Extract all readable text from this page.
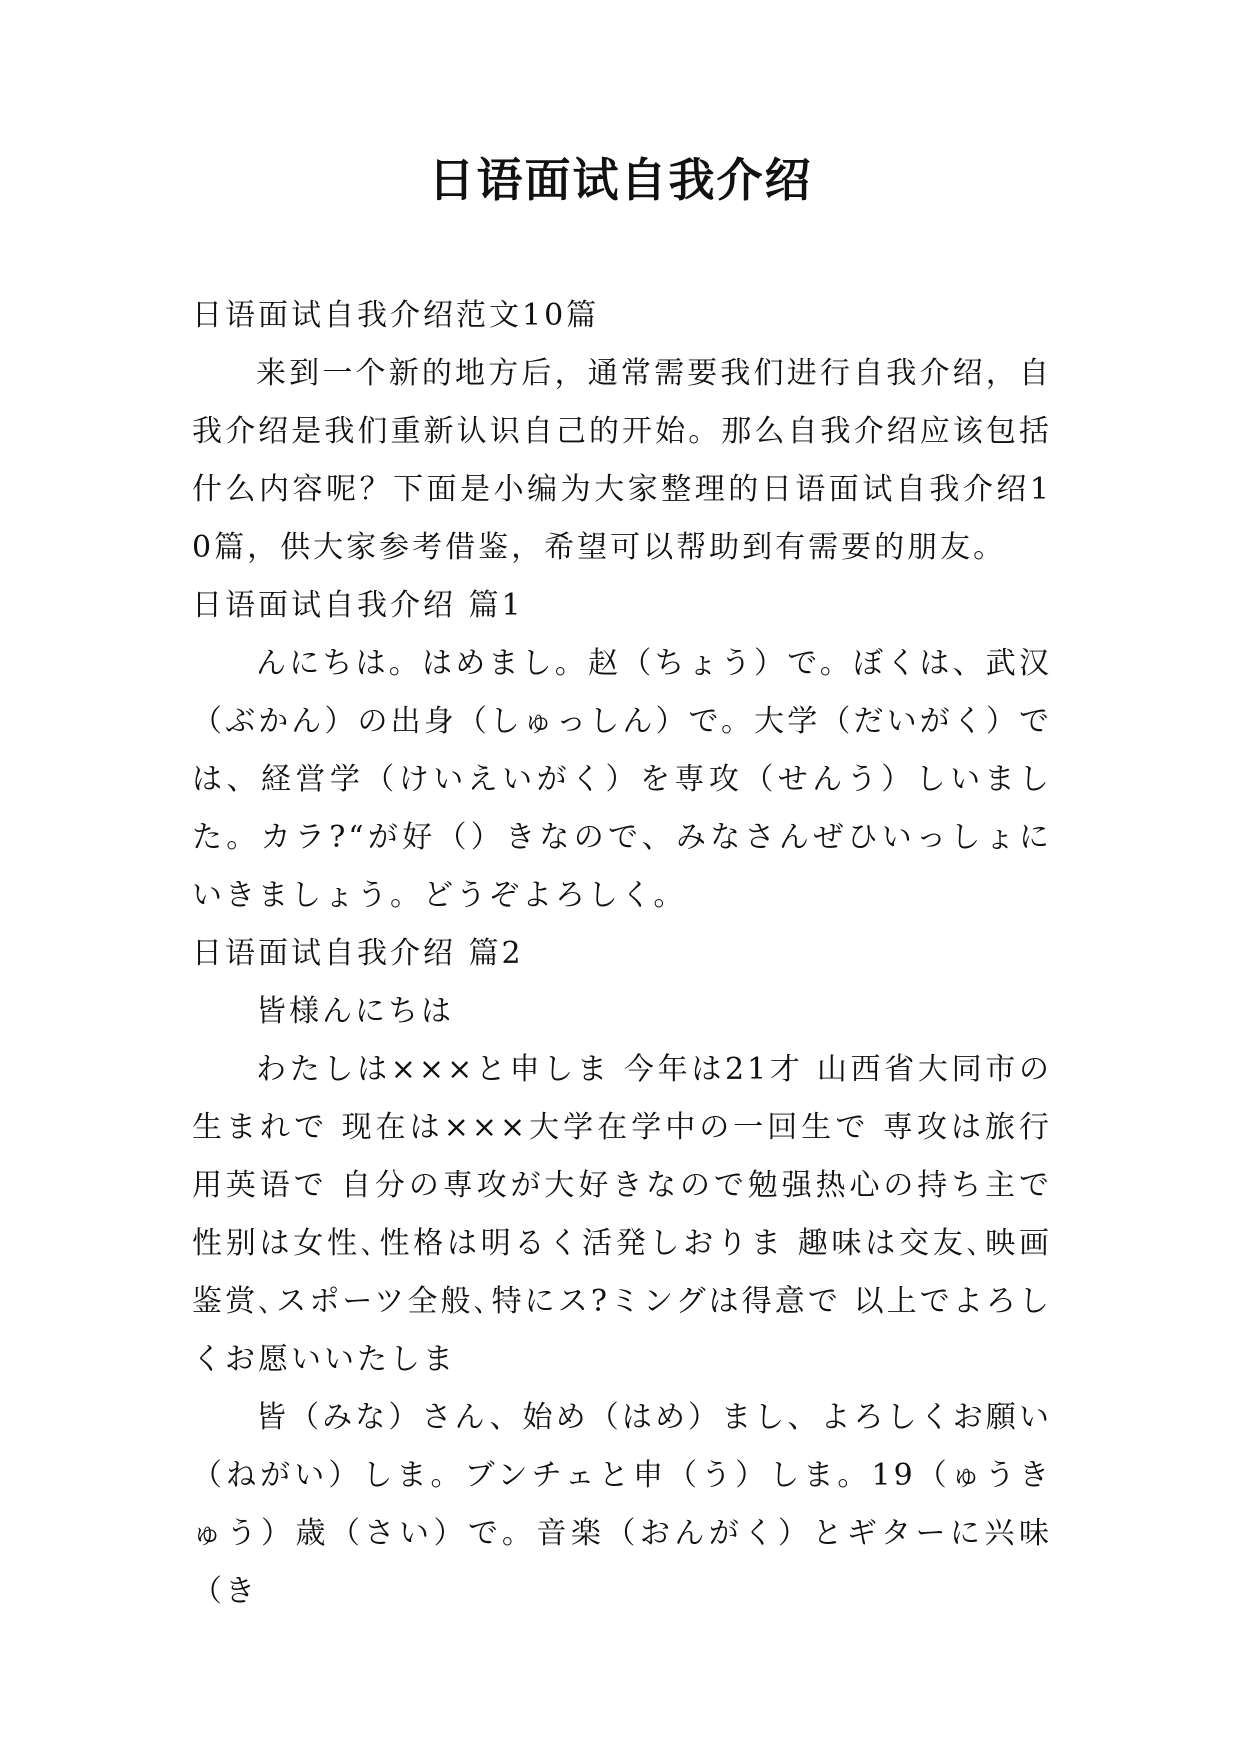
日语面试自我介绍

日语面试自我介绍范文10篇

来到一个新的地方后，通常需要我们进行自我介绍，自我介绍是我们重新认识自己的开始。那么自我介绍应该包括什么内容呢？下面是小编为大家整理的日语面试自我介绍10篇，供大家参考借鉴，希望可以帮助到有需要的朋友。

日语面试自我介绍 篇1

んにちは。はめまし。赵（ちょう）で。ぼくは、武汉（ぶかん）の出身（しゅっしん）で。大学（だいがく）では、経営学（けいえいがく）を専攻（せんう）しいました。カラ?“が好（）きなので、みなさんぜひいっしょにいきましょう。どうぞよろしく。

日语面试自我介绍 篇2

皆様んにちは

わたしは×××と申しま 今年は21才 山西省大同市の生まれで 现在は×××大学在学中の一回生で 専攻は旅行用英语で 自分の専攻が大好きなので勉强热心の持ち主で 性别は女性､性格は明るく活発しおりま 趣味は交友､映画鉴赏､スポーツ全般､特にス?ミングは得意で 以上でよろしくお愿いいたしま

皆（みな）さん、始め（はめ）まし、よろしくお願い（ねがい）しま。ブンチェと申（う）しま。19（ゅうきゅう）歳（さい）で。音楽（おんがく）とギターに兴味（き
